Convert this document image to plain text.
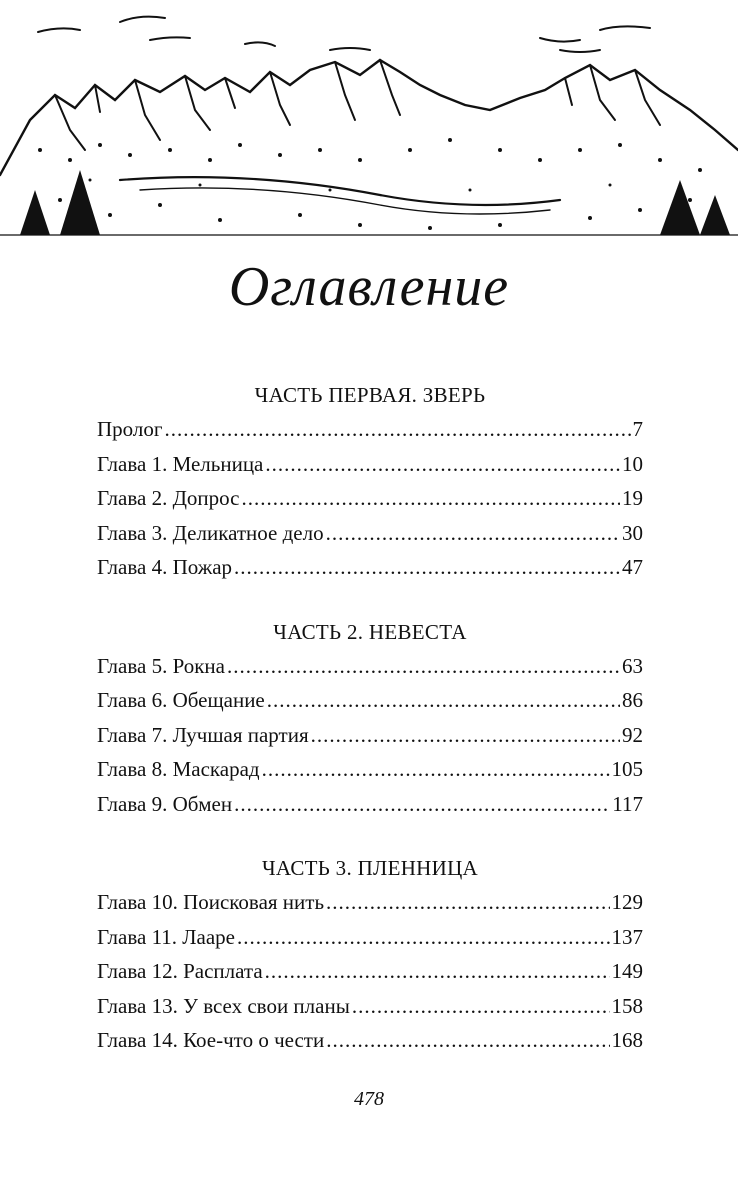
Оглавление
ЧАСТЬ ПЕРВАЯ. ЗВЕРЬ
Пролог .....	7
Глава 1. Мельница .....	10
Глава 2. Допрос .....	19
Глава 3. Деликатное дело .....	30
Глава 4. Пожар .....	47
ЧАСТЬ 2. НЕВЕСТА
Глава 5. Рокна .....	63
Глава 6. Обещание .....	86
Глава 7. Лучшая партия .....	92
Глава 8. Маскарад .....	105
Глава 9. Обмен .....	117
ЧАСТЬ 3. ПЛЕННИЦА
Глава 10. Поисковая нить .....	129
Глава 11. Лааре .....	137
Глава 12. Расплата .....	149
Глава 13. У всех свои планы .....	158
Глава 14. Кое-что о чести .....	168
478
